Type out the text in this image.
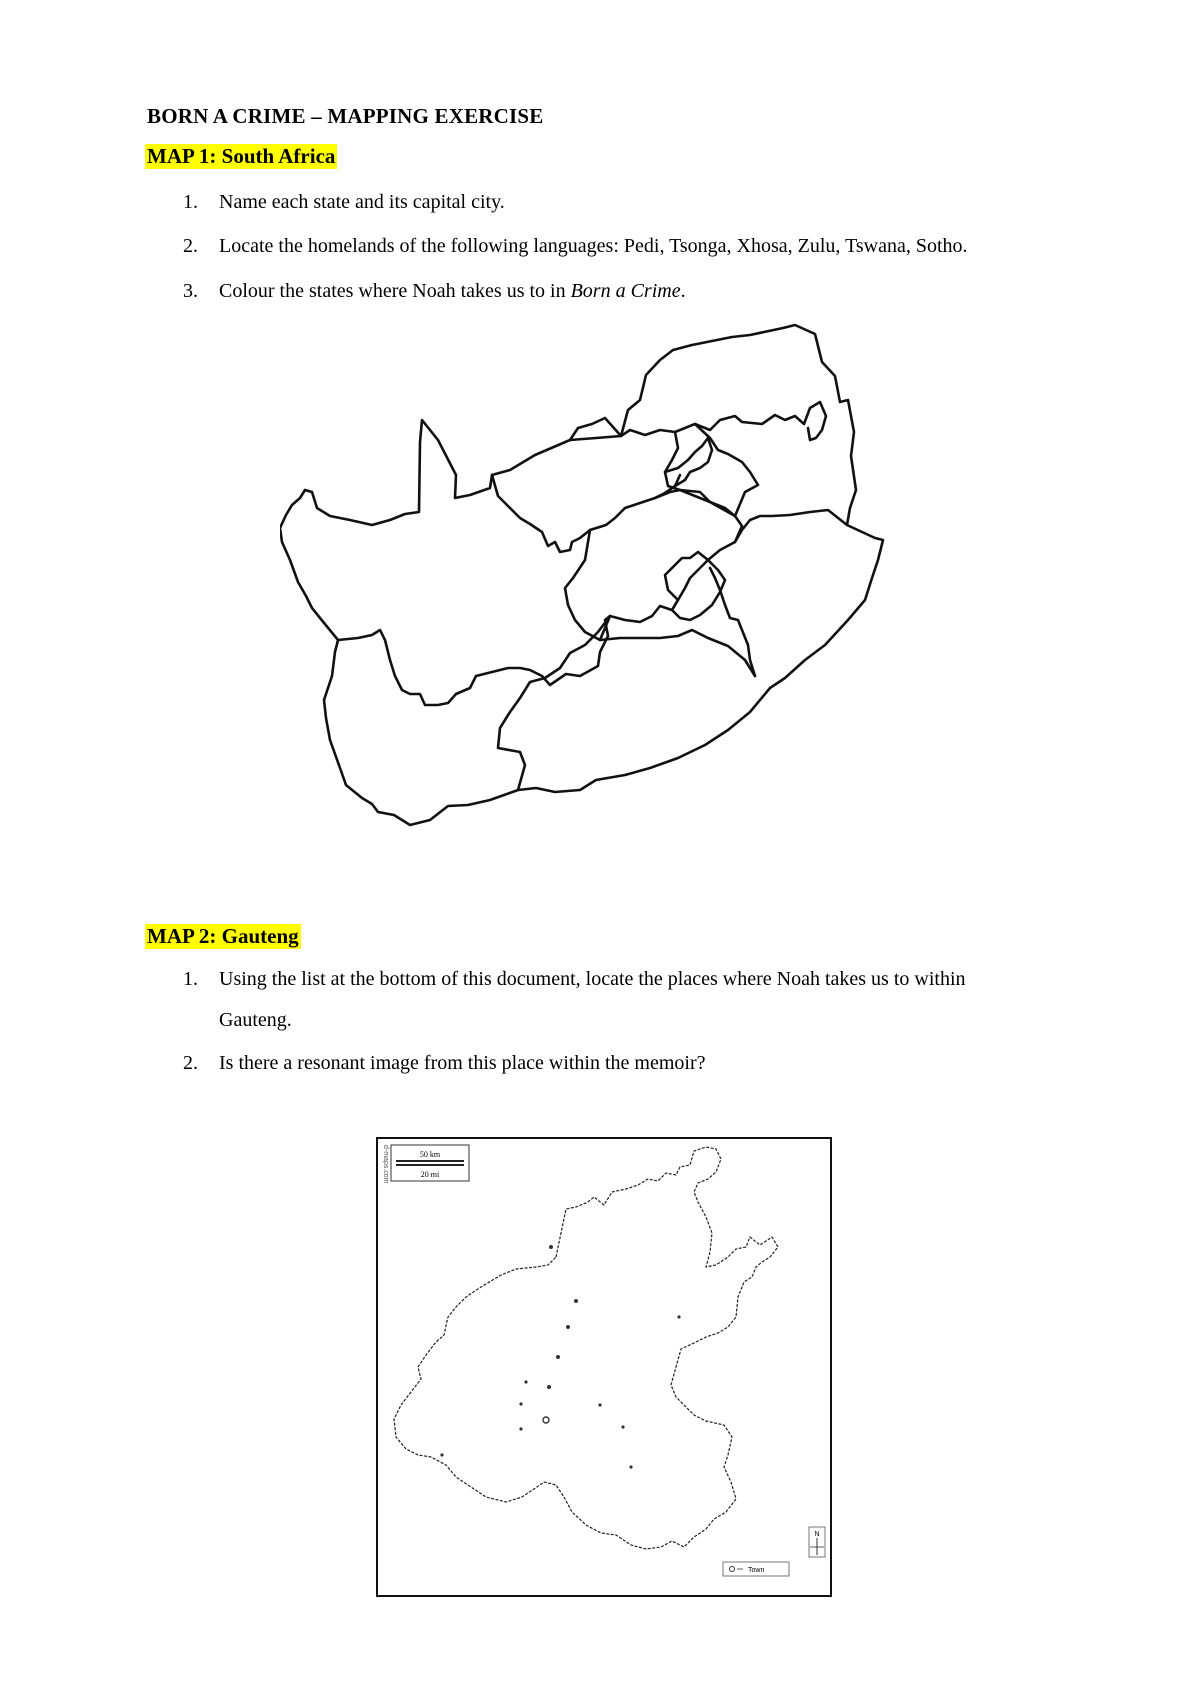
BORN A CRIME – MAPPING EXERCISE
MAP 1: South Africa
1.	Name each state and its capital city.
2.	Locate the homelands of the following languages: Pedi, Tsonga, Xhosa, Zulu, Tswana, Sotho.
3.	Colour the states where Noah takes us to in Born a Crime.
MAP 2: Gauteng
1.	Using the list at the bottom of this document, locate the places where Noah takes us to within
Gauteng.
2.	Is there a resonant image from this place within the memoir?
50 km
20 mi
d-maps.com
N
Town
